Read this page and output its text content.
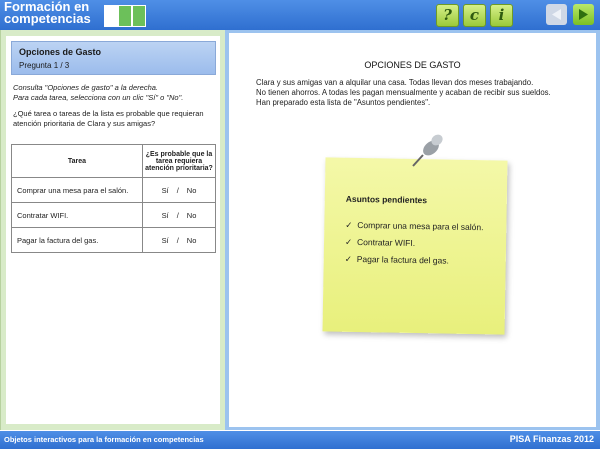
Formación en
competencias	?	c	i
Opciones de Gasto
Pregunta 1 / 3
Consulta "Opciones de gasto" a la derecha.
Para cada tarea, selecciona con un clic "Sí" o "No".
¿Qué tarea o tareas de la lista es probable que requieran atención prioritaria de Clara y sus amigas?
Tarea	¿Es probable que la tarea requiera atención prioritaria?
Comprar una mesa para el salón.	Sí / No
Contratar WIFI.	Sí / No
Pagar la factura del gas.	Sí / No
OPCIONES DE GASTO
Clara y sus amigas van a alquilar una casa. Todas llevan dos meses trabajando.
No tienen ahorros. A todas les pagan mensualmente y acaban de recibir sus sueldos.
Han preparado esta lista de "Asuntos pendientes".
Asuntos pendientes
✓ Comprar una mesa para el salón.
✓ Contratar WIFI.
✓ Pagar la factura del gas.
Objetos interactivos para la formación en competencias	PISA Finanzas 2012
